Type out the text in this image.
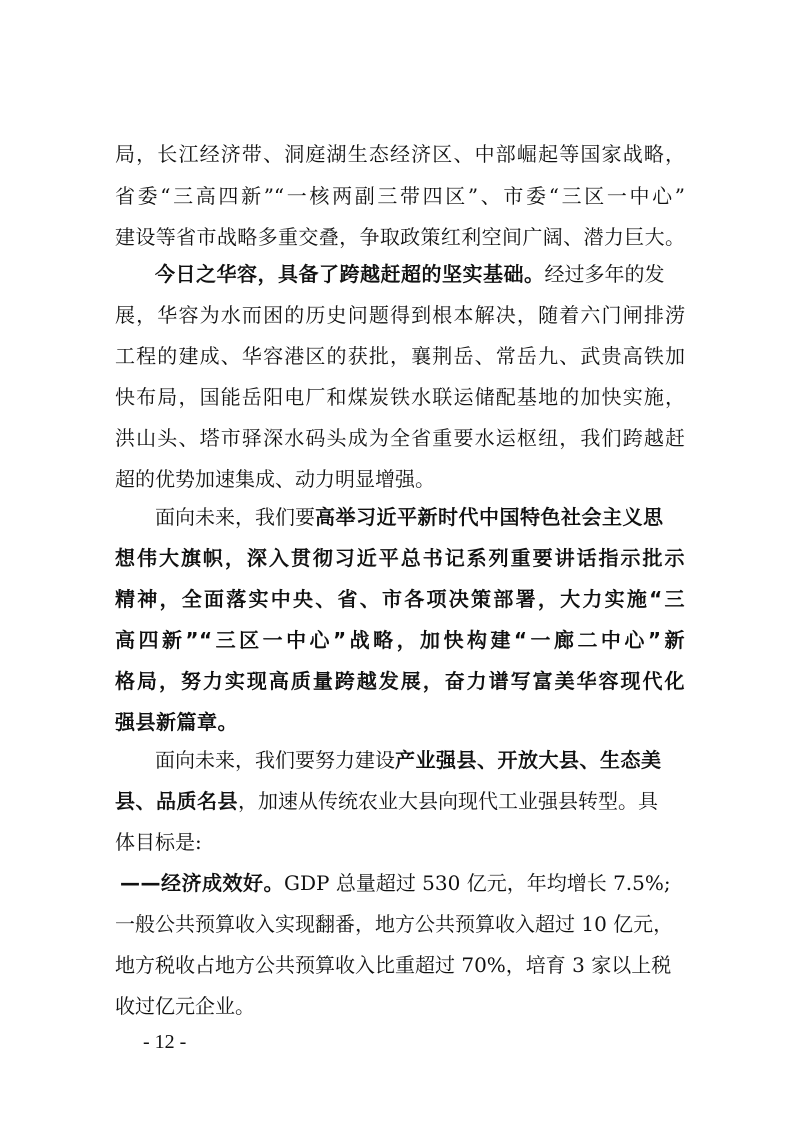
局，长江经济带、洞庭湖生态经济区、中部崛起等国家战略，
省委“三高四新”“一核两副三带四区”、市委“三区一中心”
建设等省市战略多重交叠，争取政策红利空间广阔、潜力巨大。
今日之华容，具备了跨越赶超的坚实基础。经过多年的发
展，华容为水而困的历史问题得到根本解决，随着六门闸排涝
工程的建成、华容港区的获批，襄荆岳、常岳九、武贵高铁加
快布局，国能岳阳电厂和煤炭铁水联运储配基地的加快实施，
洪山头、塔市驿深水码头成为全省重要水运枢纽，我们跨越赶
超的优势加速集成、动力明显增强。
面向未来，我们要高举习近平新时代中国特色社会主义思
想伟大旗帜，深入贯彻习近平总书记系列重要讲话指示批示
精神，全面落实中央、省、市各项决策部署，大力实施“三
高四新”“三区一中心”战略，加快构建“一廊二中心”新
格局，努力实现高质量跨越发展，奋力谱写富美华容现代化
强县新篇章。
面向未来，我们要努力建设产业强县、开放大县、生态美
县、品质名县，加速从传统农业大县向现代工业强县转型。具
体目标是:
——经济成效好。GDP 总量超过 530 亿元，年均增长 7.5%;
一般公共预算收入实现翻番，地方公共预算收入超过 10 亿元，
地方税收占地方公共预算收入比重超过 70%，培育 3 家以上税
收过亿元企业。
- 12 -
